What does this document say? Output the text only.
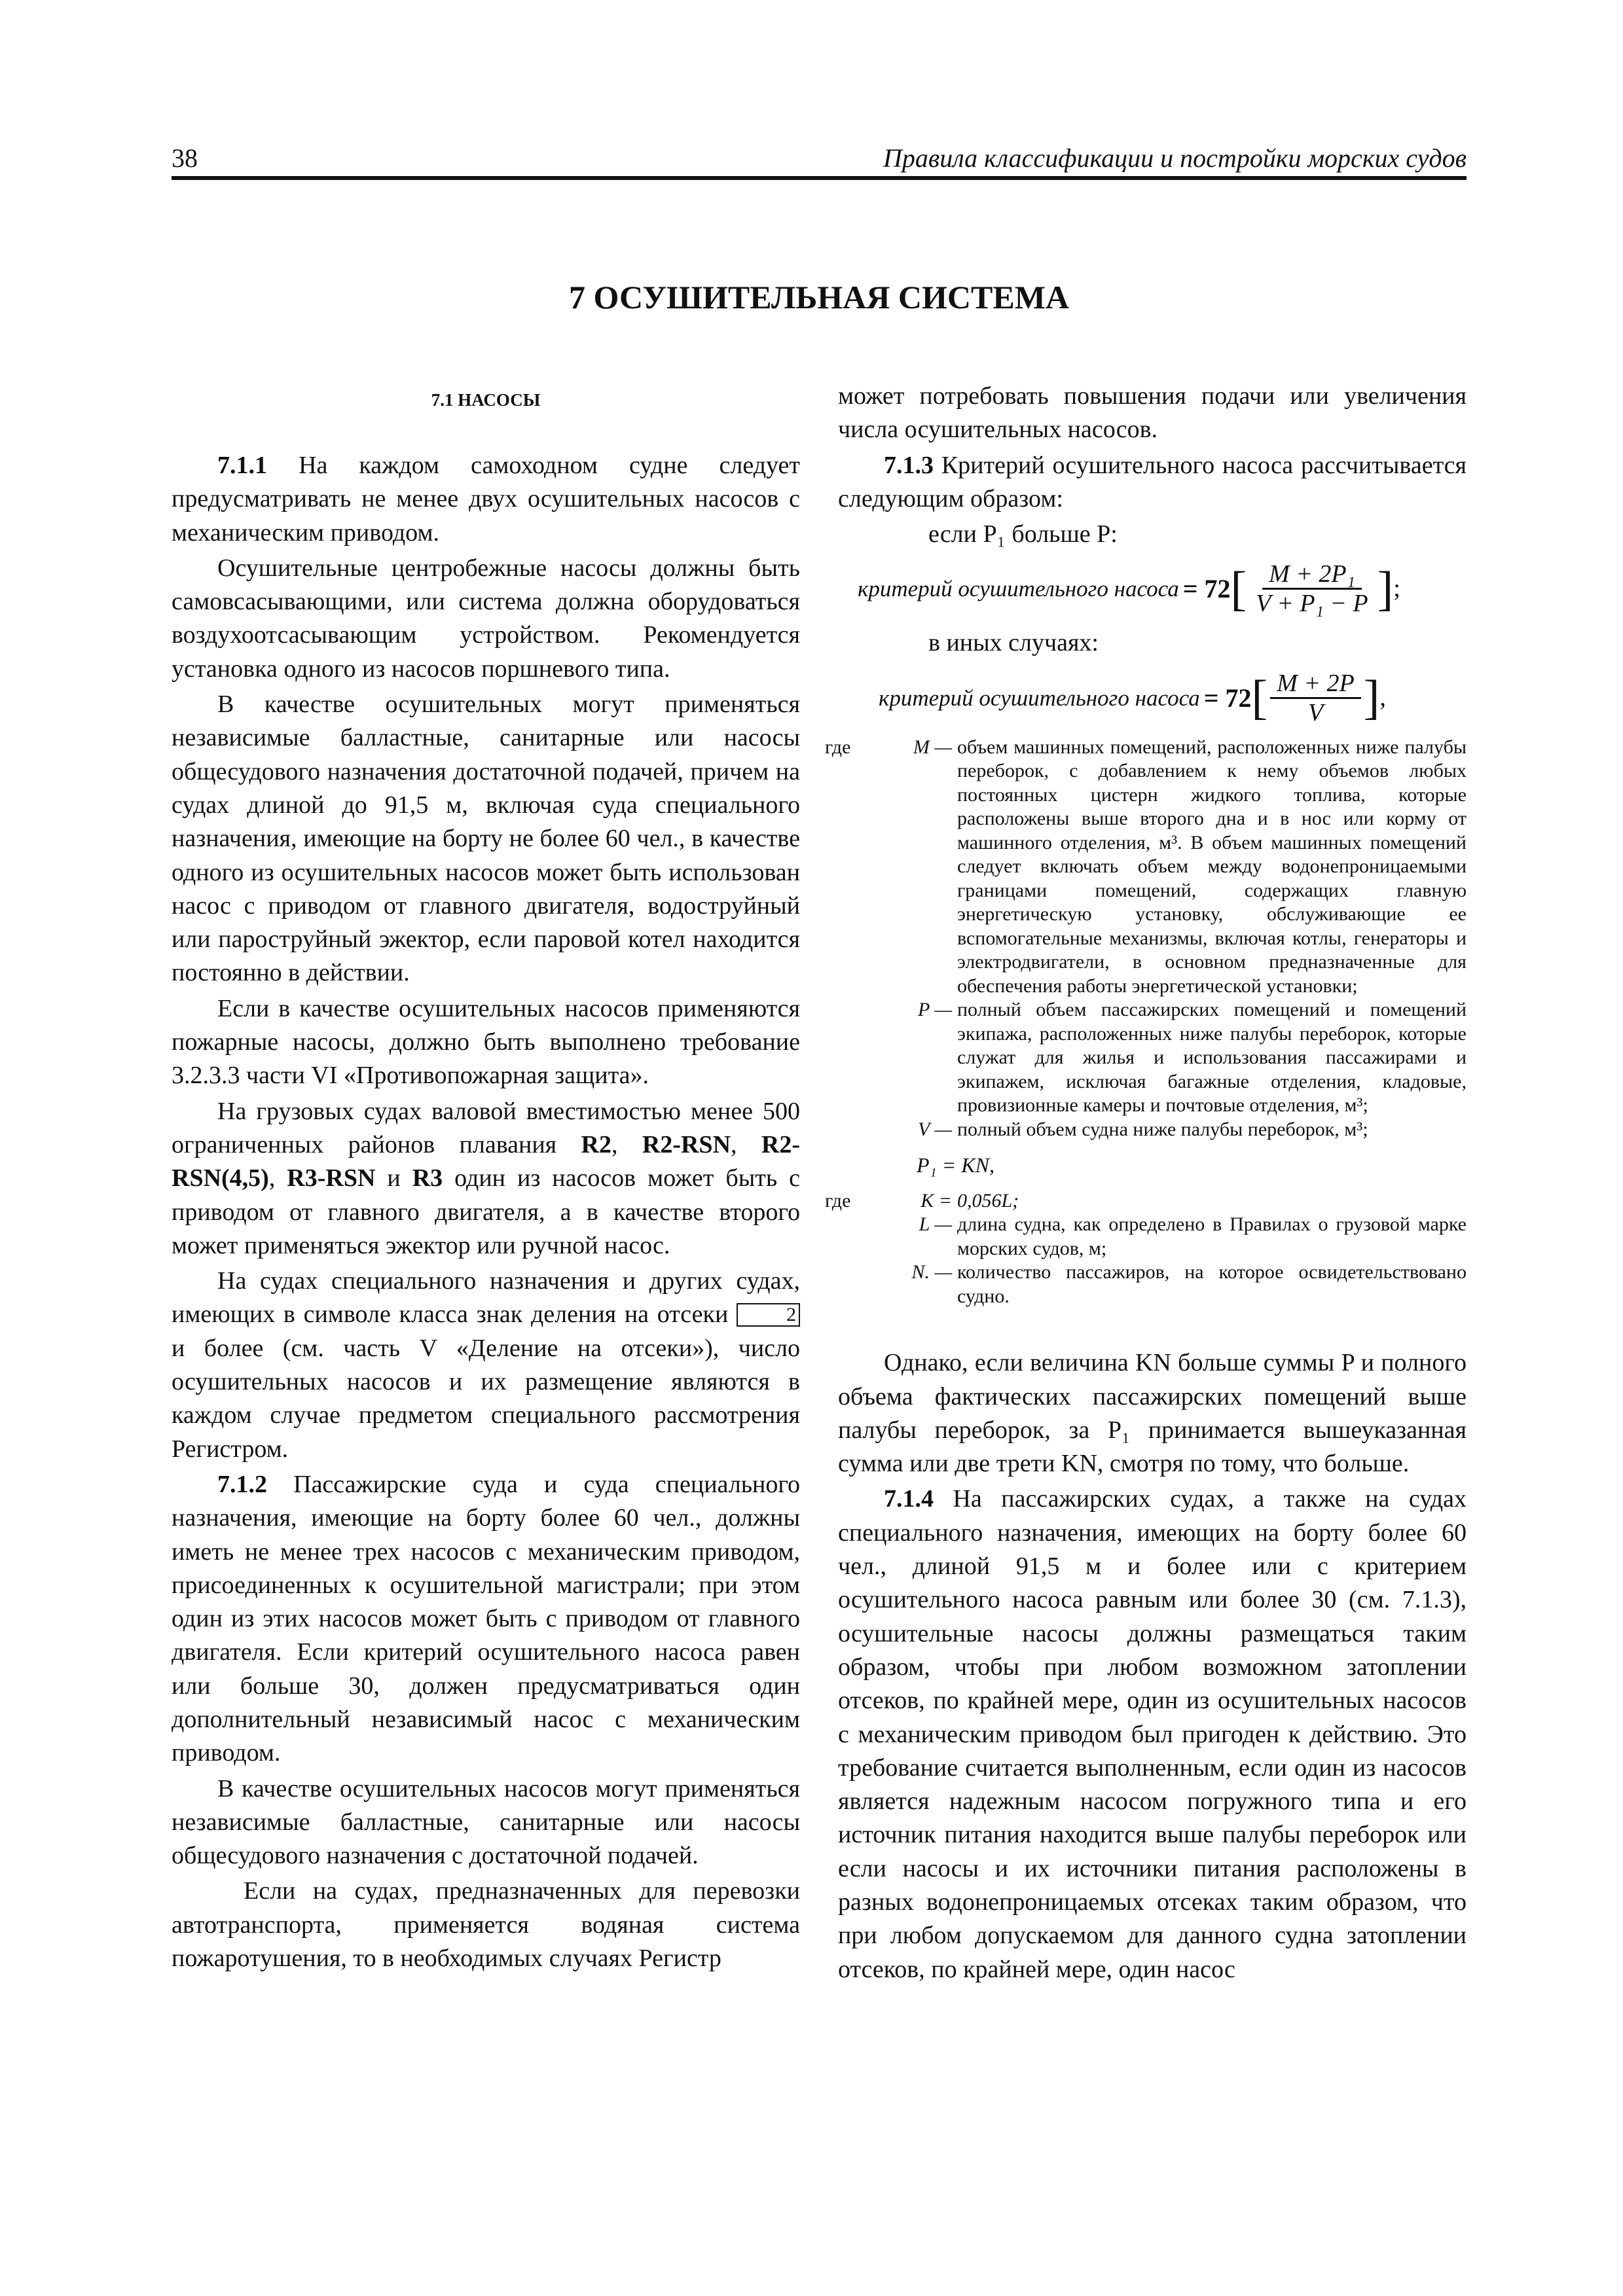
38	Правила классификации и постройки морских судов
7 ОСУШИТЕЛЬНАЯ СИСТЕМА
7.1 НАСОСЫ

7.1.1 На каждом самоходном судне следует предусматривать не менее двух осушительных насосов с механическим приводом.

Осушительные центробежные насосы должны быть самовсасывающими, или система должна оборудоваться воздухоотсасывающим устройством. Рекомендуется установка одного из насосов поршневого типа.

В качестве осушительных могут применяться независимые балластные, санитарные или насосы общесудового назначения достаточной подачей, причем на судах длиной до 91,5 м, включая суда специального назначения, имеющие на борту не более 60 чел., в качестве одного из осушительных насосов может быть использован насос с приводом от главного двигателя, водоструйный или пароструйный эжектор, если паровой котел находится постоянно в действии.

Если в качестве осушительных насосов применяются пожарные насосы, должно быть выполнено требование 3.2.3.3 части VI «Противопожарная защита».

На грузовых судах валовой вместимостью менее 500 ограниченных районов плавания R2, R2-RSN, R2-RSN(4,5), R3-RSN и R3 один из насосов может быть с приводом от главного двигателя, а в качестве второго может применяться эжектор или ручной насос.

На судах специального назначения и других судах, имеющих в символе класса знак деления на отсеки	2 и более (см. часть V «Деление на отсеки»), число осушительных насосов и их размещение являются в каждом случае предметом специального рассмотрения Регистром.

7.1.2 Пассажирские суда и суда специального назначения, имеющие на борту более 60 чел., должны иметь не менее трех насосов с механическим приводом, присоединенных к осушительной магистрали; при этом один из этих насосов может быть с приводом от главного двигателя. Если критерий осушительного насоса равен или больше 30, должен предусматриваться один дополнительный независимый насос с механическим приводом.

В качестве осушительных насосов могут применяться независимые балластные, санитарные или насосы общесудового назначения с достаточной подачей.

Если на судах, предназначенных для перевозки автотранспорта, применяется водяная система пожаротушения, то в необходимых случаях Регистр

может потребовать повышения подачи или увеличения числа осушительных насосов.

7.1.3 Критерий осушительного насоса рассчитывается следующим образом:

если P₁ больше P:

критерий осушительного насоса = 72 [ $\frac{\text{M + 2P₁}}{\text{V + P₁ − P}}$ ] ;

в иных случаях:

критерий осушительного насоса = 72 [ $\frac{M + 2P}{V}$ ] ,
где	M — объем машинных помещений, расположенных ниже палубы переборок, с добавлением к нему объемов любых постоянных цистерн жидкого топлива, которые расположены выше второго дна и в нос или корму от машинного отделения, м³. В объем машинных помещений следует включать объем между водонепроницаемыми границами помещений, содержащих главную энергетическую установку, обслуживающие ее вспомогательные механизмы, включая котлы, генераторы и электродвигатели, в основном предназначенные для обеспечения работы энергетической установки;
P — полный объем пассажирских помещений и помещений экипажа, расположенных ниже палубы переборок, которые служат для жилья и использования пассажирами и экипажем, исключая багажные отделения, кладовые, провизионные камеры и почтовые отделения, м³;
V — полный объем судна ниже палубы переборок, м³;
P₁ = KN,
где	K = 0,056L;
L — длина судна, как определено в Правилах о грузовой марке морских судов, м;
N. — количество пассажиров, на которое освидетельствовано судно.

Однако, если величина KN больше суммы P и полного объема фактических пассажирских помещений выше палубы переборок, за P₁ принимается вышеуказанная сумма или две трети KN, смотря по тому, что больше.

7.1.4 На пассажирских судах, а также на судах специального назначения, имеющих на борту более 60 чел., длиной 91,5 м и более или с критерием осушительного насоса равным или более 30 (см. 7.1.3), осушительные насосы должны размещаться таким образом, чтобы при любом возможном затоплении отсеков, по крайней мере, один из осушительных насосов с механическим приводом был пригоден к действию. Это требование считается выполненным, если один из насосов является надежным насосом погружного типа и его источник питания находится выше палубы переборок или если насосы и их источники питания расположены в разных водонепроницаемых отсеках таким образом, что при любом допускаемом для данного судна затоплении отсеков, по крайней мере, один насос
